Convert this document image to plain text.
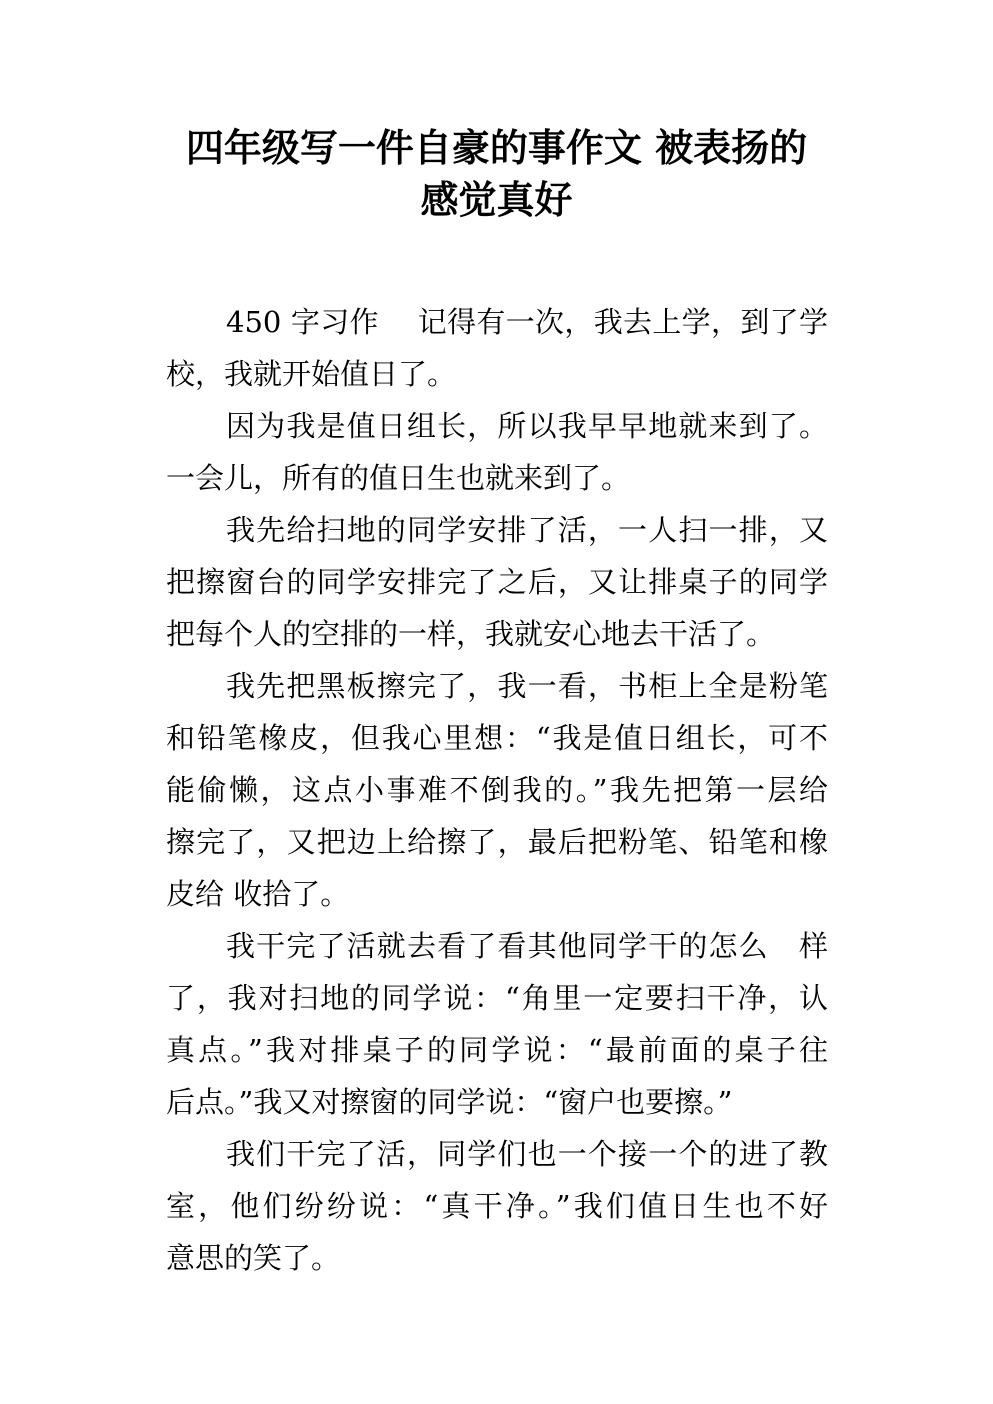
四年级写一件自豪的事作文 被表扬的
感觉真好
450 字习作　 记得有一次，我去上学，到了学
校，我就开始值日了。
因为我是值日组长，所以我早早地就来到了。
一会儿，所有的值日生也就来到了。
我先给扫地的同学安排了活，一人扫一排，又
把擦窗台的同学安排完了之后，又让排桌子的同学
把每个人的空排的一样，我就安心地去干活了。
我先把黑板擦完了，我一看，书柜上全是粉笔
和铅笔橡皮，但我心里想：“我是值日组长，可不
能偷懒，这点小事难不倒我的。”我先把第一层给
擦完了，又把边上给擦了，最后把粉笔、铅笔和橡
皮给 收拾了。
我干完了活就去看了看其他同学干的怎么　样
了，我对扫地的同学说：“角里一定要扫干净，认
真点。”我对排桌子的同学说：“最前面的桌子往
后点。”我又对擦窗的同学说：“窗户也要擦。”
我们干完了活，同学们也一个接一个的进了教
室，他们纷纷说：“真干净。”我们值日生也不好
意思的笑了。
